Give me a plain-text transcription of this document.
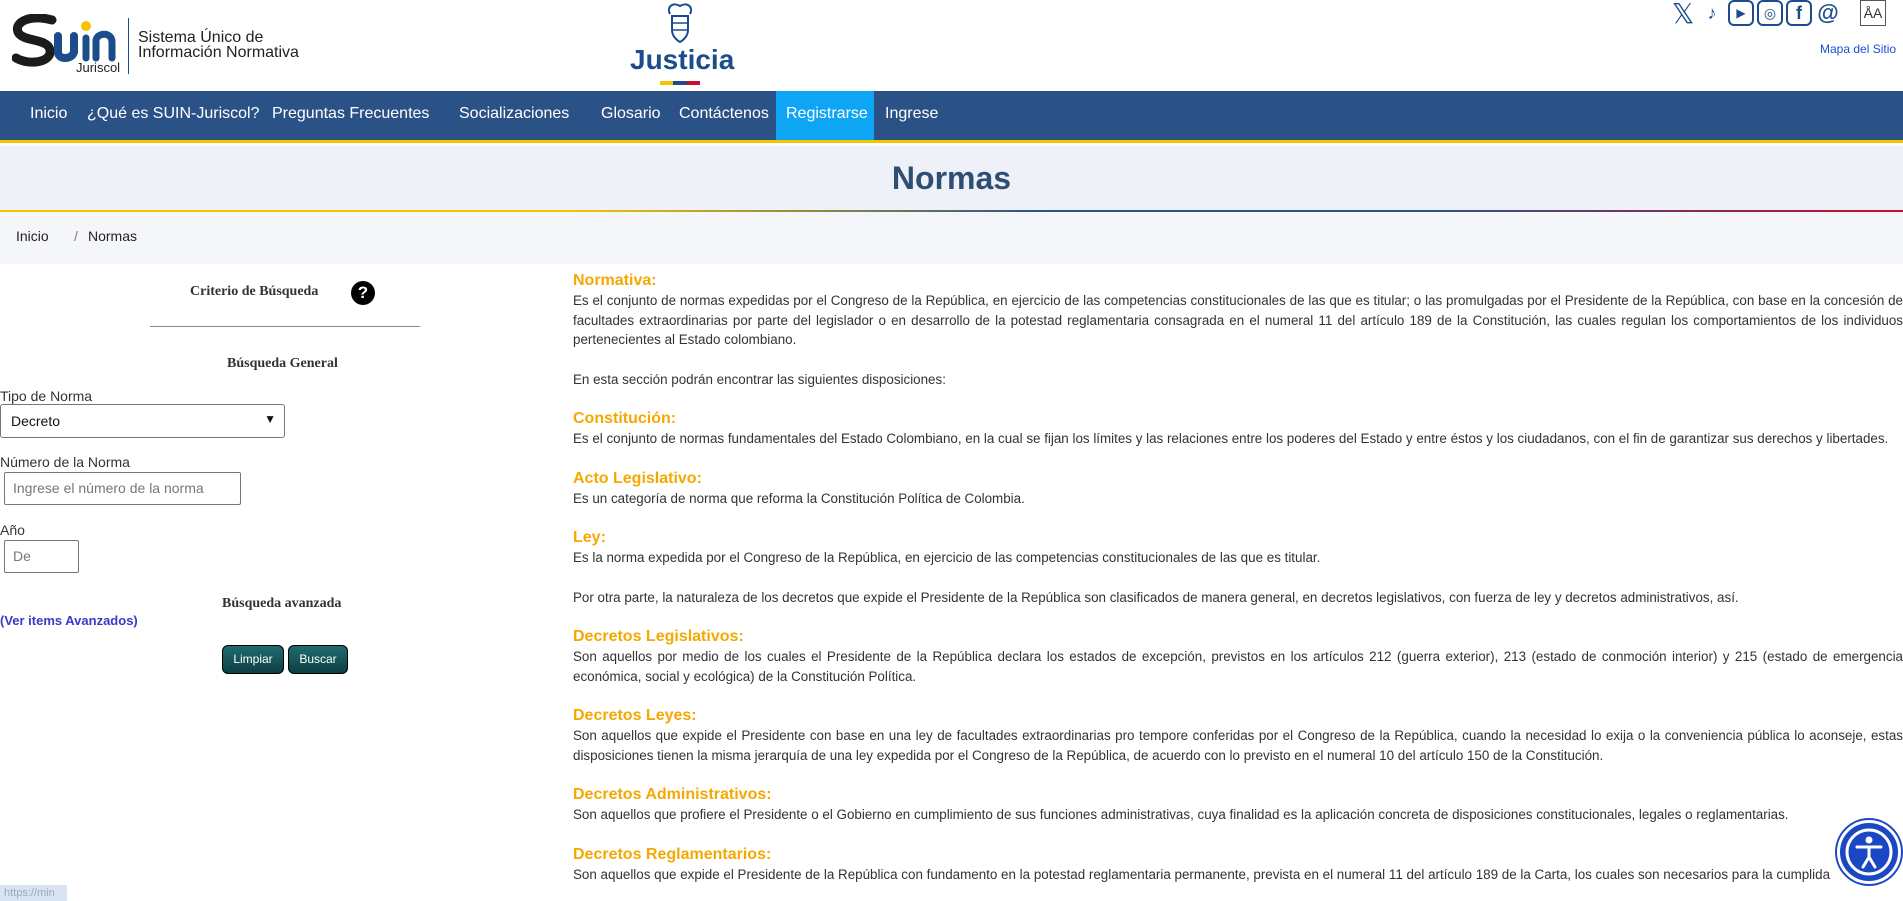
Juriscol
Sistema Único de
Información Normativa	Justicia
𝕏 ♪	▶	◎	f @ ÅA
Mapa del Sitio
Inicio	¿Qué es SUIN-Juriscol? Preguntas Frecuentes	Socializaciones	Glosario	Contáctenos	Registrarse	Ingrese
Normas
Inicio / Normas
Criterio de Búsqueda	?
Búsqueda General
Tipo de Norma
Decreto	▼
Número de la Norma
Ingrese el número de la norma
Año
De
Búsqueda avanzada
(Ver items Avanzados)
Limpiar	Buscar
https://min
Normativa:
Es el conjunto de normas expedidas por el Congreso de la República, en ejercicio de las competencias constitucionales de las que es titular; o las promulgadas por el Presidente de la República, con base en la concesión de facultades extraordinarias por parte del legislador o en desarrollo de la potestad reglamentaria consagrada en el numeral 11 del artículo 189 de la Constitución, las cuales regulan los comportamientos de los individuos pertenecientes al Estado colombiano.
En esta sección podrán encontrar las siguientes disposiciones:
Constitución:
Es el conjunto de normas fundamentales del Estado Colombiano, en la cual se fijan los límites y las relaciones entre los poderes del Estado y entre éstos y los ciudadanos, con el fin de garantizar sus derechos y libertades.
Acto Legislativo:
Es un categoría de norma que reforma la Constitución Política de Colombia.
Ley:
Es la norma expedida por el Congreso de la República, en ejercicio de las competencias constitucionales de las que es titular.
Por otra parte, la naturaleza de los decretos que expide el Presidente de la República son clasificados de manera general, en decretos legislativos, con fuerza de ley y decretos administrativos, así.
Decretos Legislativos:
Son aquellos por medio de los cuales el Presidente de la República declara los estados de excepción, previstos en los artículos 212 (guerra exterior), 213 (estado de conmoción interior) y 215 (estado de emergencia económica, social y ecológica) de la Constitución Política.
Decretos Leyes:
Son aquellos que expide el Presidente con base en una ley de facultades extraordinarias pro tempore conferidas por el Congreso de la República, cuando la necesidad lo exija o la conveniencia pública lo aconseje, estas disposiciones tienen la misma jerarquía de una ley expedida por el Congreso de la República, de acuerdo con lo previsto en el numeral 10 del artículo 150 de la Constitución.
Decretos Administrativos:
Son aquellos que profiere el Presidente o el Gobierno en cumplimiento de sus funciones administrativas, cuya finalidad es la aplicación concreta de disposiciones constitucionales, legales o reglamentarias.
Decretos Reglamentarios:
Son aquellos que expide el Presidente de la República con fundamento en la potestad reglamentaria permanente, prevista en el numeral 11 del artículo 189 de la Carta, los cuales son necesarios para la cumplida
